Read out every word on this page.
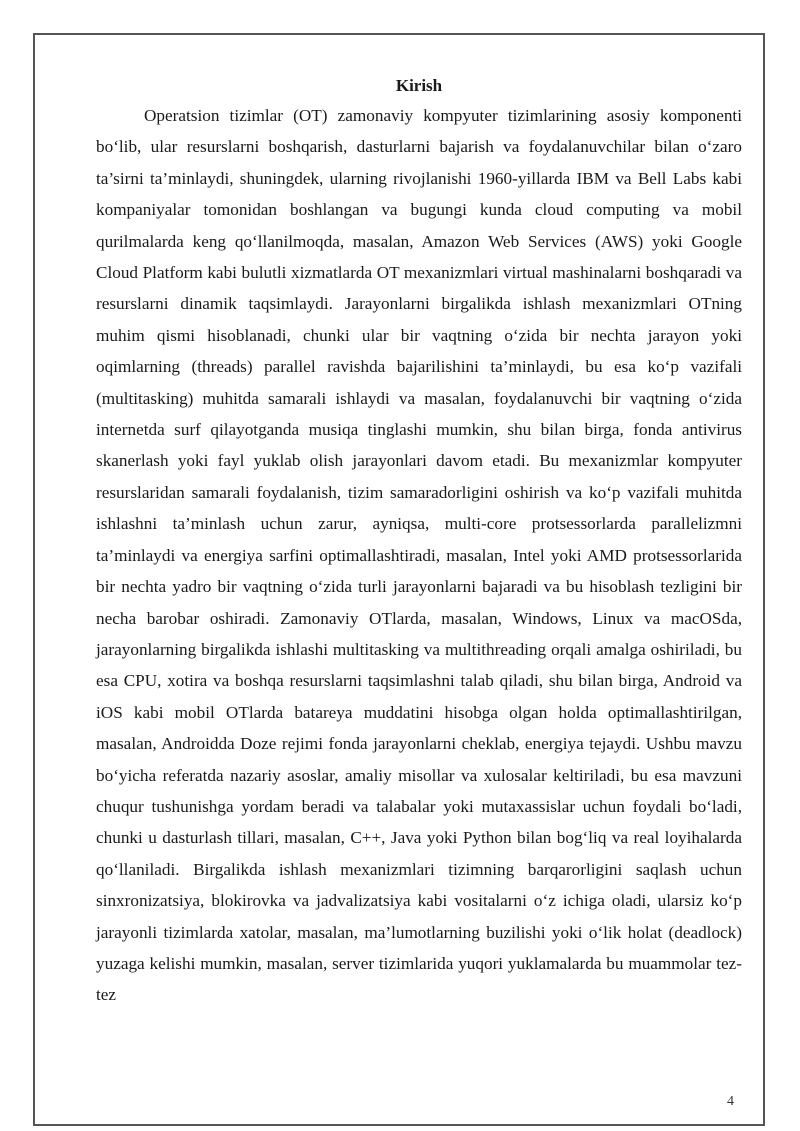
Kirish

Operatsion tizimlar (OT) zamonaviy kompyuter tizimlarining asosiy komponenti bo‘lib, ular resurslarni boshqarish, dasturlarni bajarish va foydalanuvchilar bilan o‘zaro ta’sirni ta’minlaydi, shuningdek, ularning rivojlanishi 1960-yillarda IBM va Bell Labs kabi kompaniyalar tomonidan boshlangan va bugungi kunda cloud computing va mobil qurilmalarda keng qo‘llanilmoqda, masalan, Amazon Web Services (AWS) yoki Google Cloud Platform kabi bulutli xizmatlarda OT mexanizmlari virtual mashinalarni boshqaradi va resurslarni dinamik taqsimlaydi. Jarayonlarni birgalikda ishlash mexanizmlari OTning muhim qismi hisoblanadi, chunki ular bir vaqtning o‘zida bir nechta jarayon yoki oqimlarning (threads) parallel ravishda bajarilishini ta’minlaydi, bu esa ko‘p vazifali (multitasking) muhitda samarali ishlaydi va masalan, foydalanuvchi bir vaqtning o‘zida internetda surf qilayotganda musiqa tinglashi mumkin, shu bilan birga, fonda antivirus skanerlash yoki fayl yuklab olish jarayonlari davom etadi. Bu mexanizmlar kompyuter resurslaridan samarali foydalanish, tizim samaradorligini oshirish va ko‘p vazifali muhitda ishlashni ta’minlash uchun zarur, ayniqsa, multi-core protsessorlarda parallelizmni ta’minlaydi va energiya sarfini optimallashtiradi, masalan, Intel yoki AMD protsessorlarida bir nechta yadro bir vaqtning o‘zida turli jarayonlarni bajaradi va bu hisoblash tezligini bir necha barobar oshiradi. Zamonaviy OTlarda, masalan, Windows, Linux va macOSda, jarayonlarning birgalikda ishlashi multitasking va multithreading orqali amalga oshiriladi, bu esa CPU, xotira va boshqa resurslarni taqsimlashni talab qiladi, shu bilan birga, Android va iOS kabi mobil OTlarda batareya muddatini hisobga olgan holda optimallashtirilgan, masalan, Androidda Doze rejimi fonda jarayonlarni cheklab, energiya tejaydi. Ushbu mavzu bo‘yicha referatda nazariy asoslar, amaliy misollar va xulosalar keltiriladi, bu esa mavzuni chuqur tushunishga yordam beradi va talabalar yoki mutaxassislar uchun foydali bo‘ladi, chunki u dasturlash tillari, masalan, C++, Java yoki Python bilan bog‘liq va real loyihalarda qo‘llaniladi. Birgalikda ishlash mexanizmlari tizimning barqarorligini saqlash uchun sinxronizatsiya, blokirovka va jadvalizatsiya kabi vositalarni o‘z ichiga oladi, ularsiz ko‘p jarayonli tizimlarda xatolar, masalan, ma’lumotlarning buzilishi yoki o‘lik holat (deadlock) yuzaga kelishi mumkin, masalan, server tizimlarida yuqori yuklamalarda bu muammolar tez-tez

4
